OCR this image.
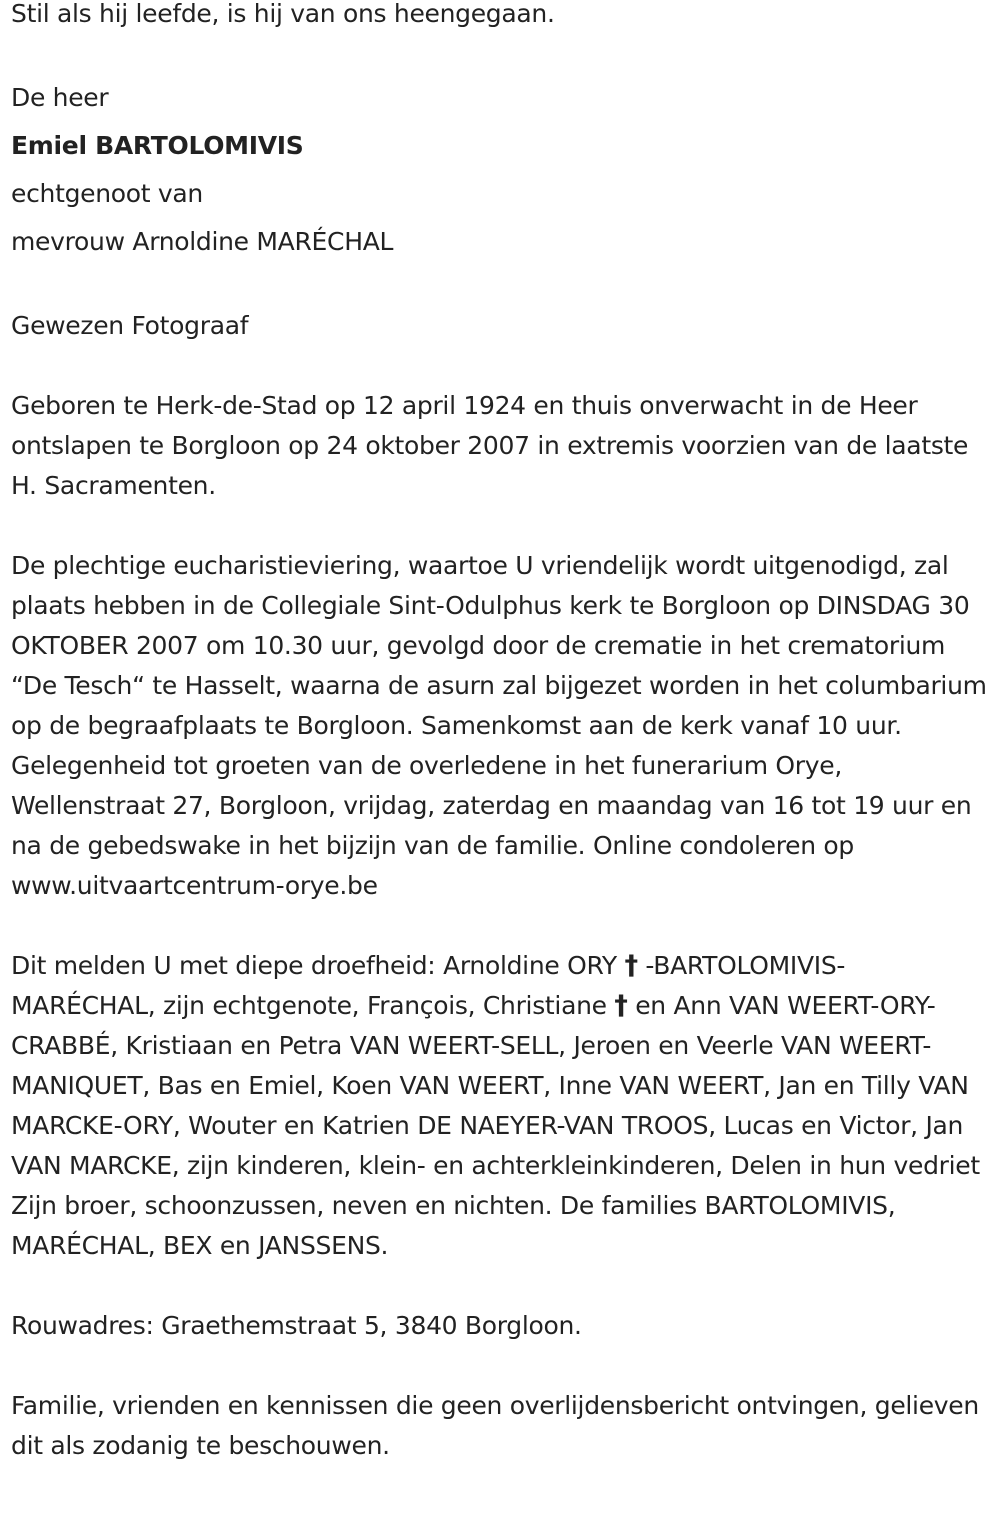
Stil als hij leefde, is hij van ons heengegaan.

De heer

Emiel BARTOLOMIVIS

echtgenoot van

mevrouw Arnoldine MARÉCHAL

Gewezen Fotograaf

Geboren te Herk-de-Stad op 12 april 1924 en thuis onverwacht in de Heer ontslapen te Borgloon op 24 oktober 2007 in extremis voorzien van de laatste H. Sacramenten.

De plechtige eucharistieviering, waartoe U vriendelijk wordt uitgenodigd, zal plaats hebben in de Collegiale Sint-Odulphus kerk te Borgloon op DINSDAG 30 OKTOBER 2007 om 10.30 uur, gevolgd door de crematie in het crematorium “De Tesch“ te Hasselt, waarna de asurn zal bijgezet worden in het columbarium op de begraafplaats te Borgloon. Samenkomst aan de kerk vanaf 10 uur. Gelegenheid tot groeten van de overledene in het funerarium Orye, Wellenstraat 27, Borgloon, vrijdag, zaterdag en maandag van 16 tot 19 uur en na de gebedswake in het bijzijn van de familie. Online condoleren op www.uitvaartcentrum-orye.be

Dit melden U met diepe droefheid: Arnoldine ORY † -BARTOLOMIVIS-MARÉCHAL, zijn echtgenote, François, Christiane † en Ann VAN WEERT-ORY-CRABBÉ, Kristiaan en Petra VAN WEERT-SELL, Jeroen en Veerle VAN WEERT-MANIQUET, Bas en Emiel, Koen VAN WEERT, Inne VAN WEERT, Jan en Tilly VAN MARCKE-ORY, Wouter en Katrien DE NAEYER-VAN TROOS, Lucas en Victor, Jan VAN MARCKE, zijn kinderen, klein- en achterkleinkinderen, Delen in hun vedriet Zijn broer, schoonzussen, neven en nichten. De families BARTOLOMIVIS, MARÉCHAL, BEX en JANSSENS.

Rouwadres: Graethemstraat 5, 3840 Borgloon.

Familie, vrienden en kennissen die geen overlijdensbericht ontvingen, gelieven dit als zodanig te beschouwen.
